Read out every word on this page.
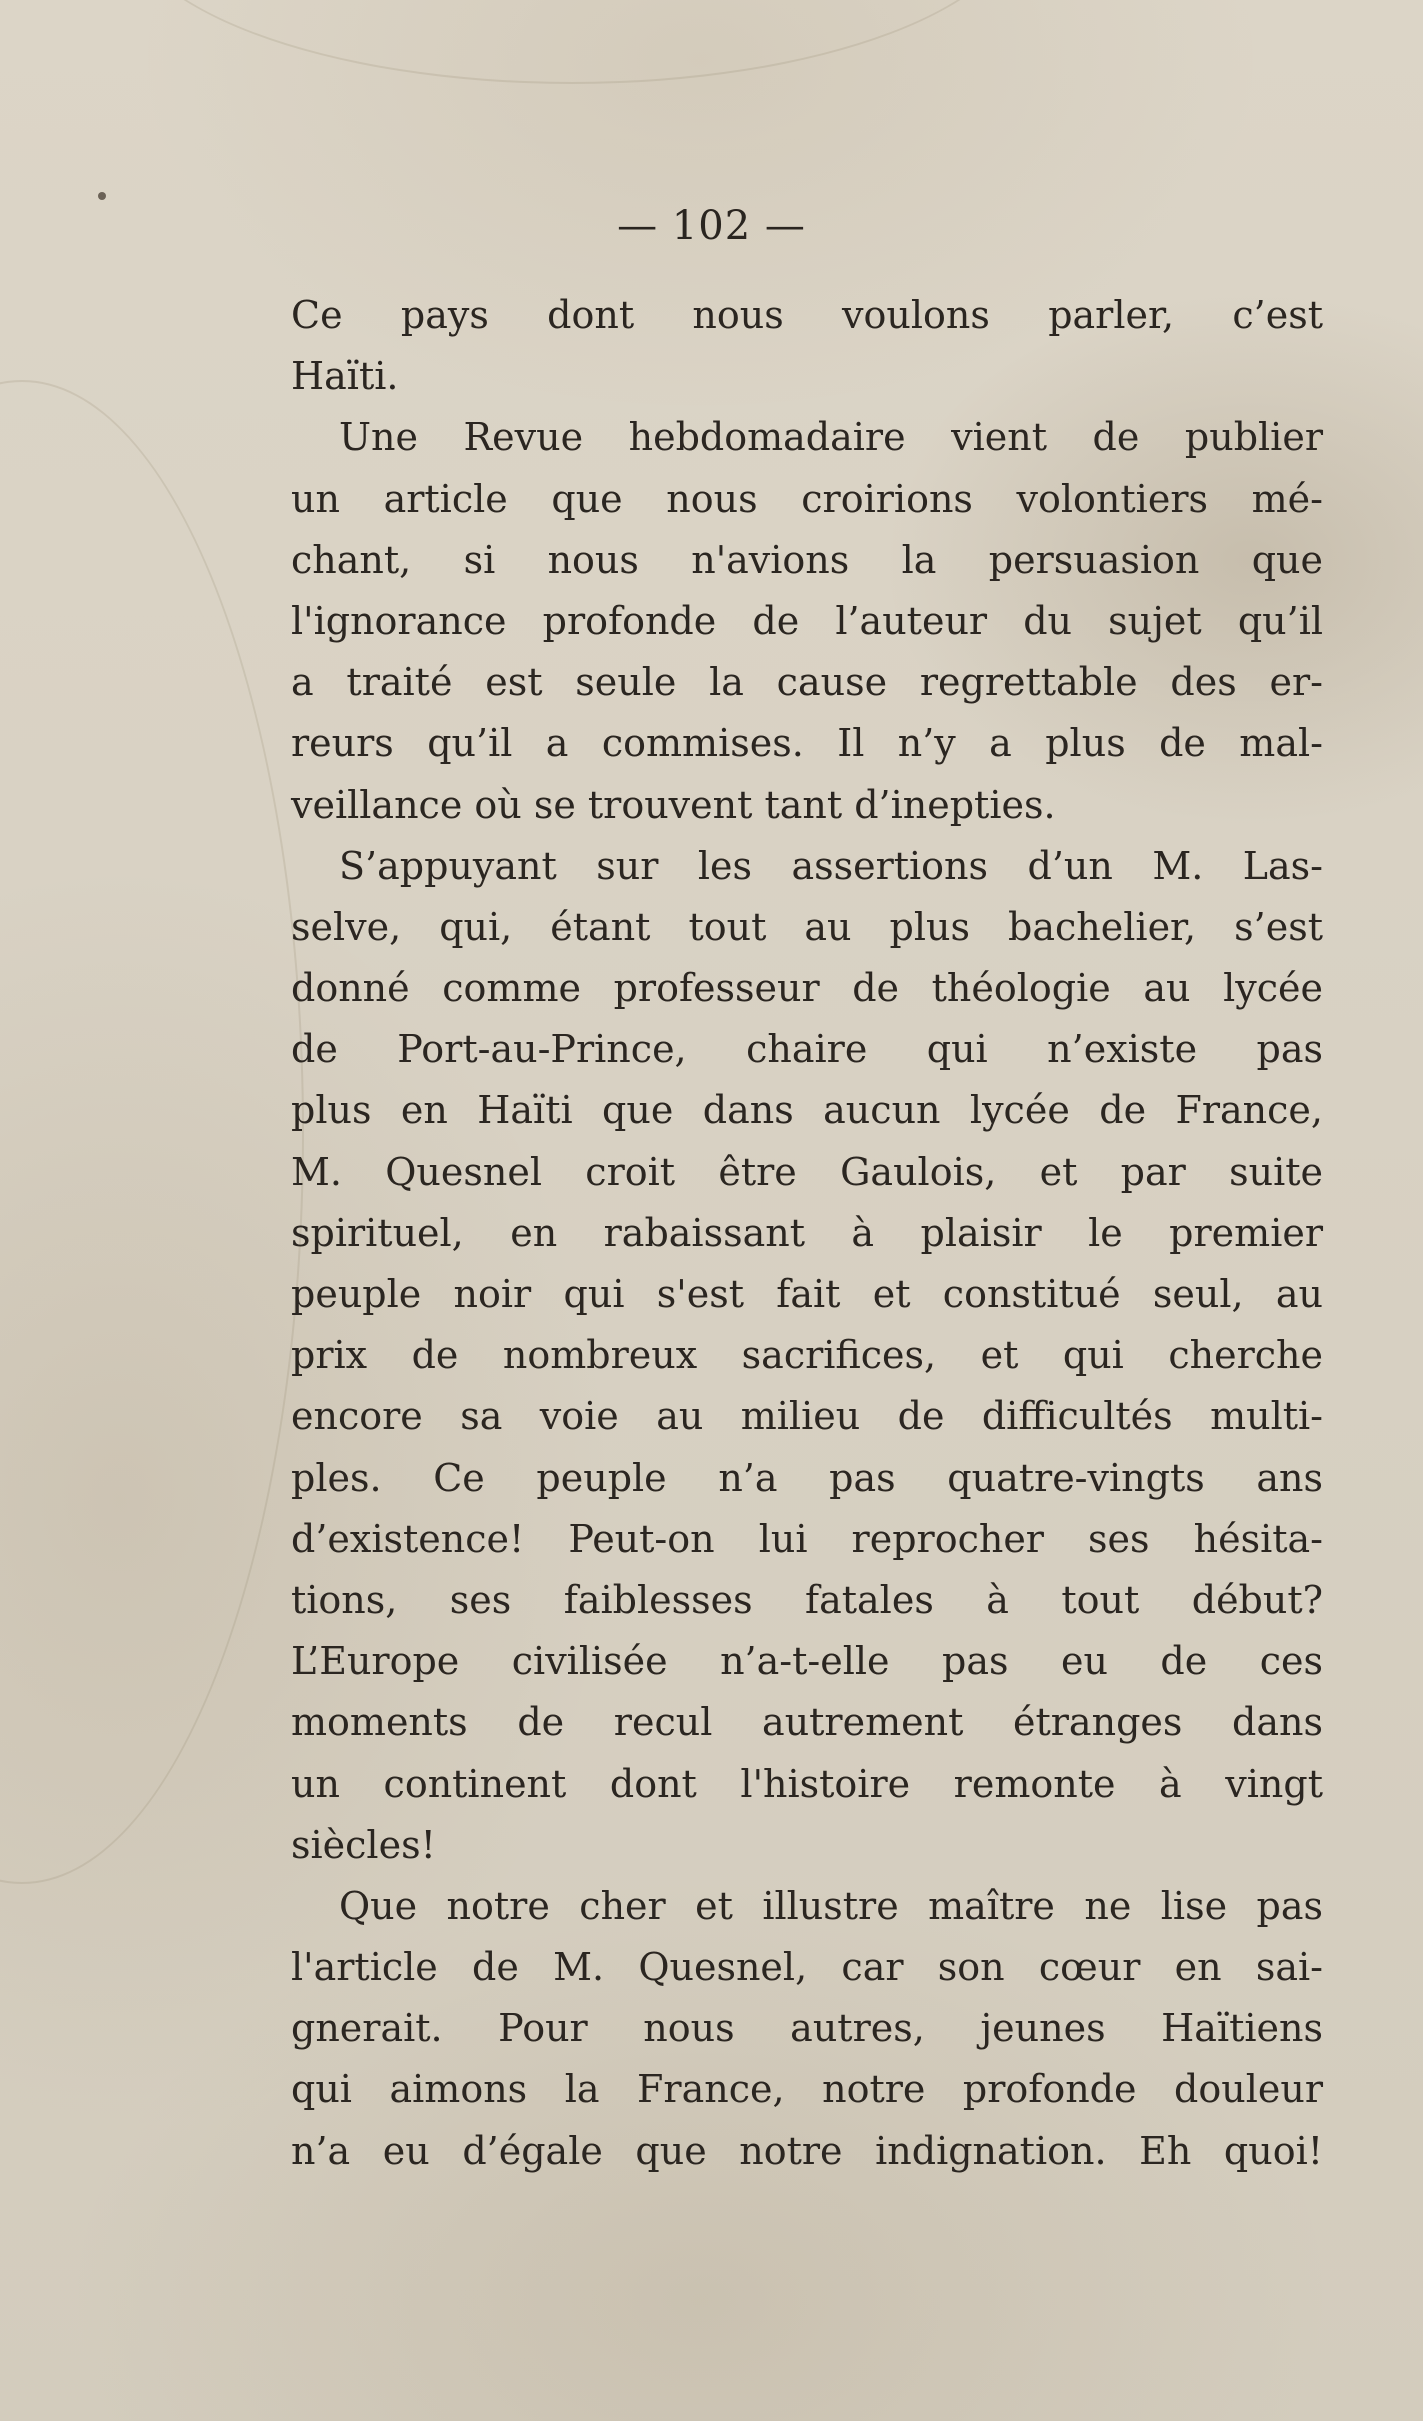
— 102 —
Ce pays dont nous voulons parler, c’est
Haïti.
Une Revue hebdomadaire vient de publier
un article que nous croirions volontiers mé-
chant, si nous n'avions la persuasion que
l'ignorance profonde de l’auteur du sujet qu’il
a traité est seule la cause regrettable des er-
reurs qu’il a commises. Il n’y a plus de mal-
veillance où se trouvent tant d’inepties.
S’appuyant sur les assertions d’un M. Las-
selve, qui, étant tout au plus bachelier, s’est
donné comme professeur de théologie au lycée
de Port-au-Prince, chaire qui n’existe pas
plus en Haïti que dans aucun lycée de France,
M. Quesnel croit être Gaulois, et par suite
spirituel, en rabaissant à plaisir le premier
peuple noir qui s'est fait et constitué seul, au
prix de nombreux sacrifices, et qui cherche
encore sa voie au milieu de difficultés multi-
ples. Ce peuple n’a pas quatre-vingts ans
d’existence! Peut-on lui reprocher ses hésita-
tions, ses faiblesses fatales à tout début?
L’Europe civilisée n’a-t-elle pas eu de ces
moments de recul autrement étranges dans
un continent dont l'histoire remonte à vingt
siècles!
Que notre cher et illustre maître ne lise pas
l'article de M. Quesnel, car son cœur en sai-
gnerait. Pour nous autres, jeunes Haïtiens
qui aimons la France, notre profonde douleur
n’a eu d’égale que notre indignation. Eh quoi!
